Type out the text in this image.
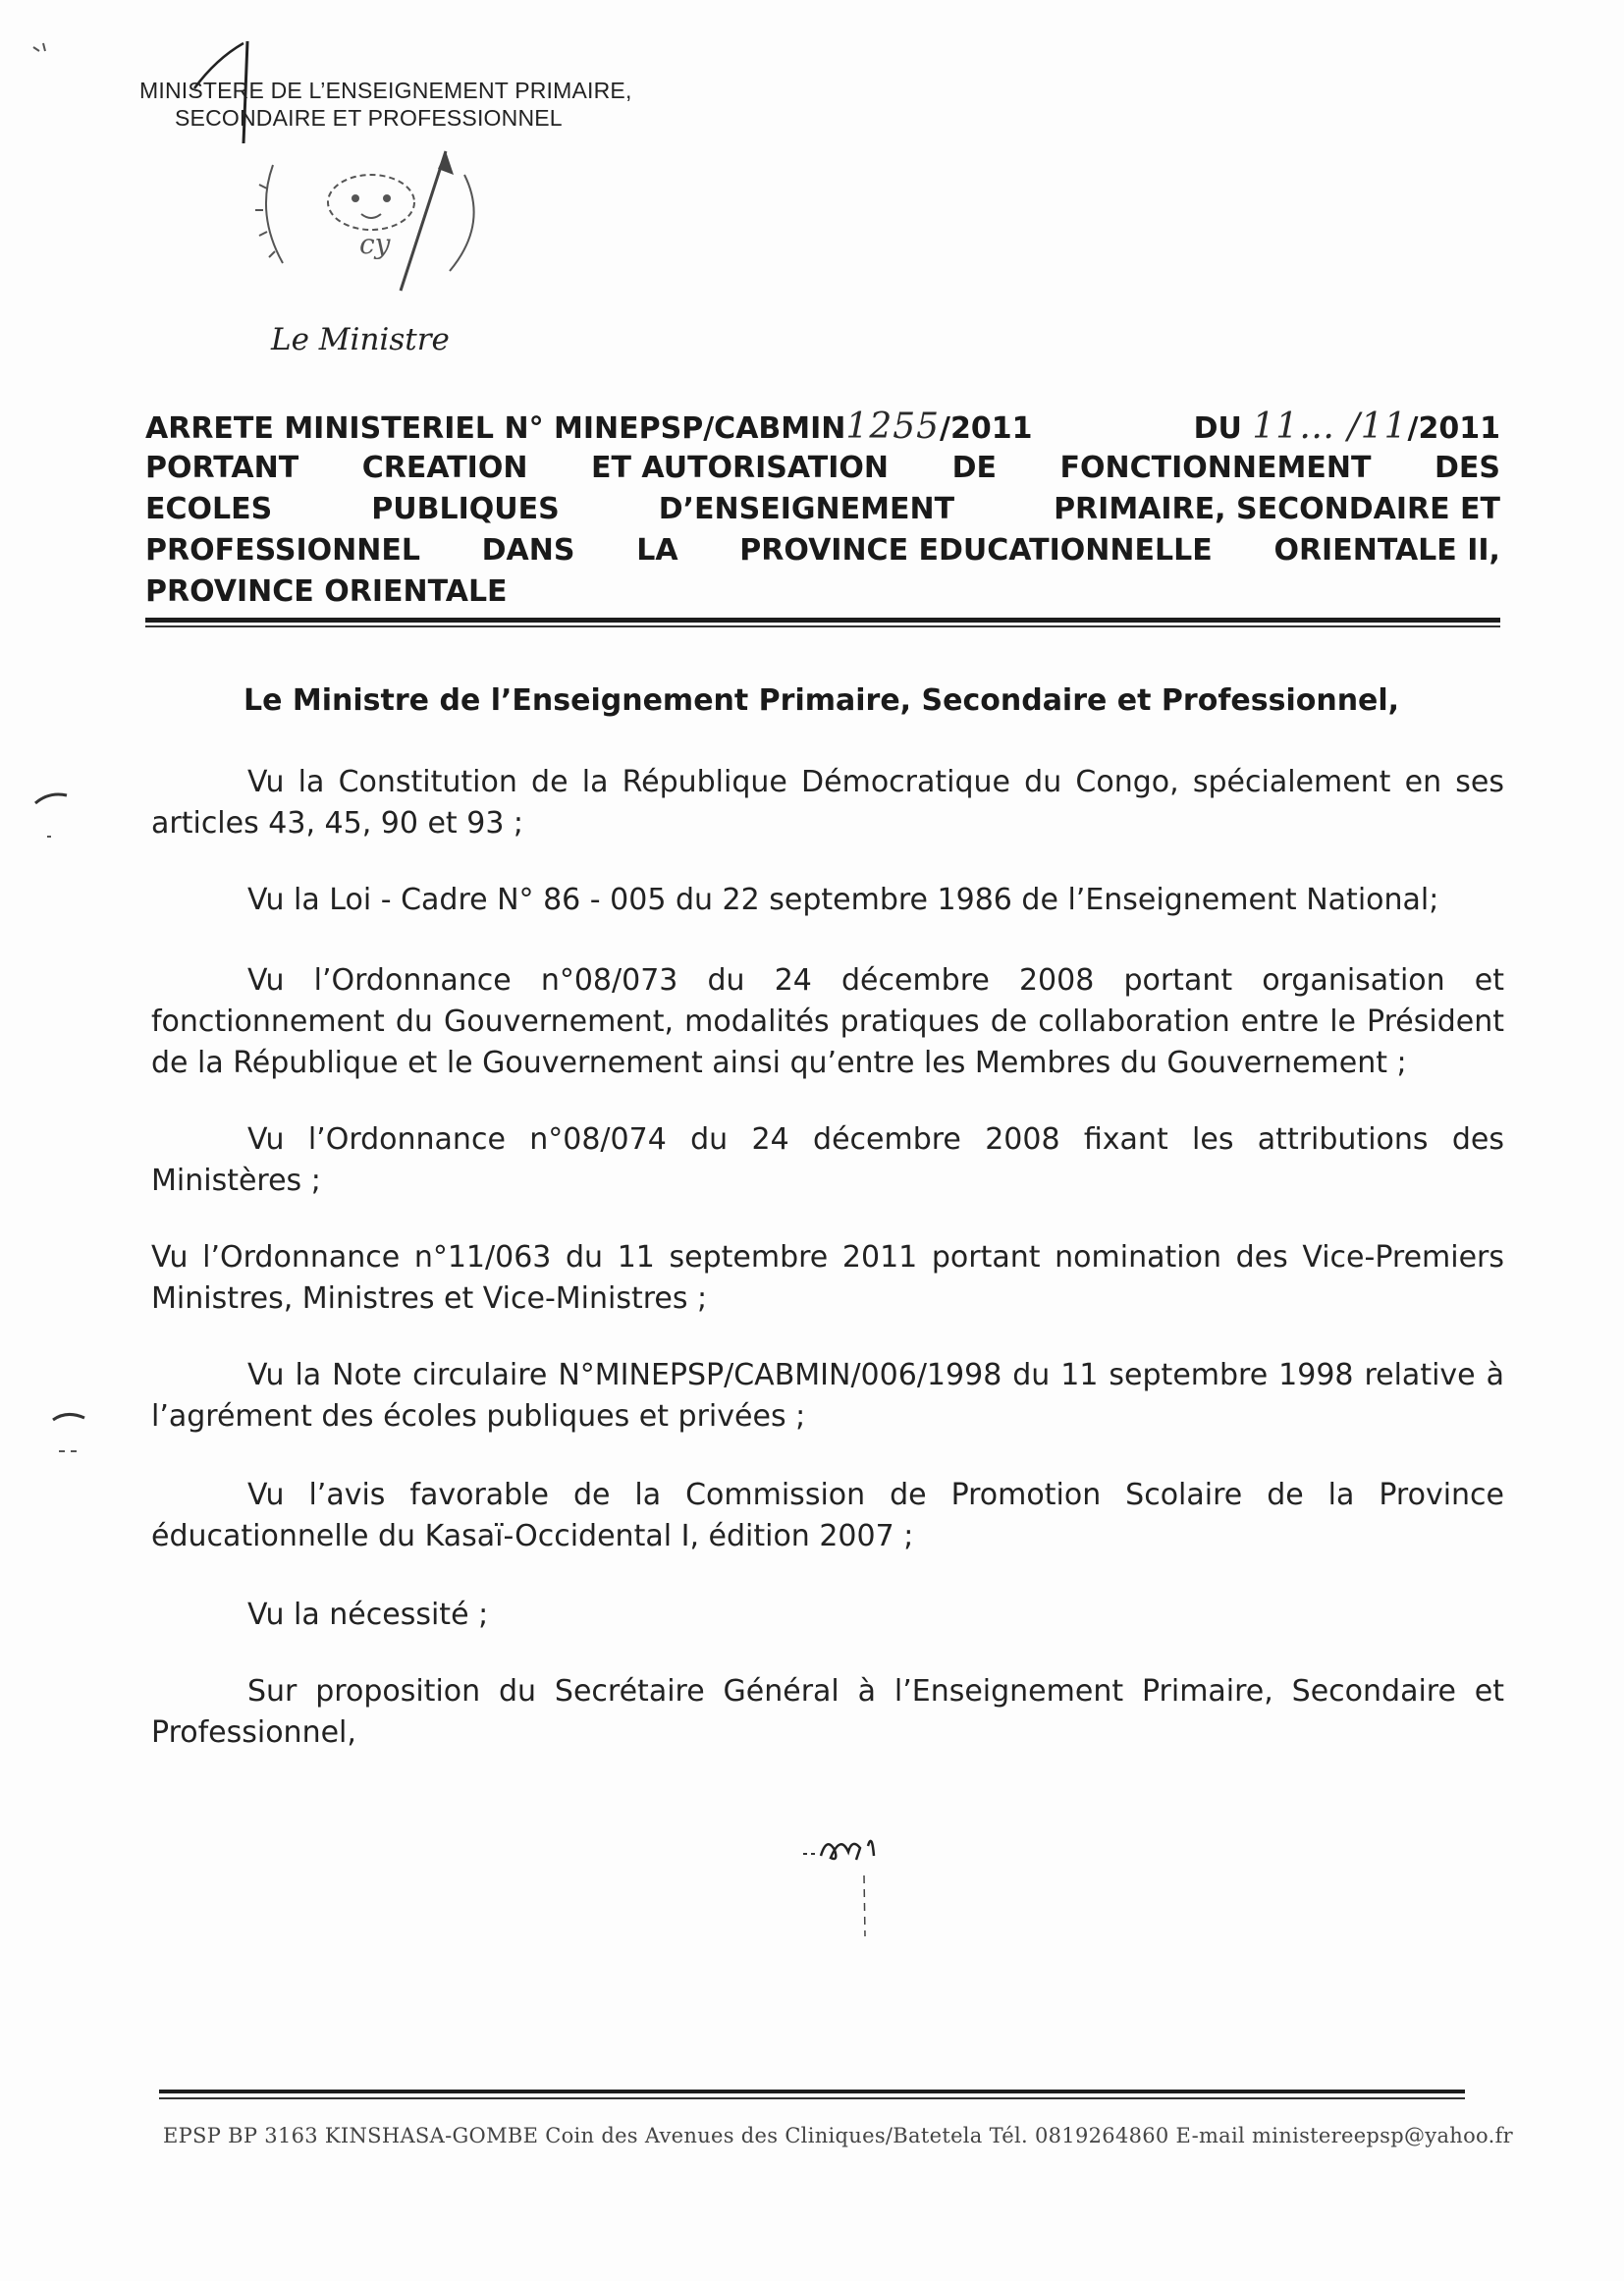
MINISTERE DE L’ENSEIGNEMENT PRIMAIRE,
SECONDAIRE ET PROFESSIONNEL
cy
Le Ministre
ARRETE MINISTERIEL N° MINEPSP/CABMIN1255/2011	DU 11… /11/2011
PORTANT CREATION ET AUTORISATION DE FONCTIONNEMENT DES
ECOLES	PUBLIQUES	D’ENSEIGNEMENT	PRIMAIRE, SECONDAIRE ET
PROFESSIONNEL DANS LA PROVINCE EDUCATIONNELLE ORIENTALE II,
PROVINCE ORIENTALE
Le Ministre de l’Enseignement Primaire, Secondaire et Professionnel,
Vu la Constitution de la République Démocratique du Congo, spécialement en ses articles 43, 45, 90 et 93 ;
Vu la Loi - Cadre N° 86 - 005 du 22 septembre 1986 de l’Enseignement National;
Vu l’Ordonnance n°08/073 du 24 décembre 2008 portant organisation et fonctionnement du Gouvernement, modalités pratiques de collaboration entre le Président de la République et le Gouvernement ainsi qu’entre les Membres du Gouvernement ;
Vu l’Ordonnance n°08/074 du 24 décembre 2008 fixant les attributions des Ministères ;
Vu l’Ordonnance n°11/063 du 11 septembre 2011 portant nomination des Vice-Premiers Ministres, Ministres et Vice-Ministres ;
Vu la Note circulaire N°MINEPSP/CABMIN/006/1998 du 11 septembre 1998 relative à l’agrément des écoles publiques et privées ;
Vu l’avis favorable de la Commission de Promotion Scolaire de la Province éducationnelle du Kasaï-Occidental I, édition 2007 ;
Vu la nécessité ;
Sur proposition du Secrétaire Général à l’Enseignement Primaire, Secondaire et Professionnel,
EPSP BP 3163 KINSHASA-GOMBE Coin des Avenues des Cliniques/Batetela Tél. 0819264860 E-mail ministereepsp@yahoo.fr
